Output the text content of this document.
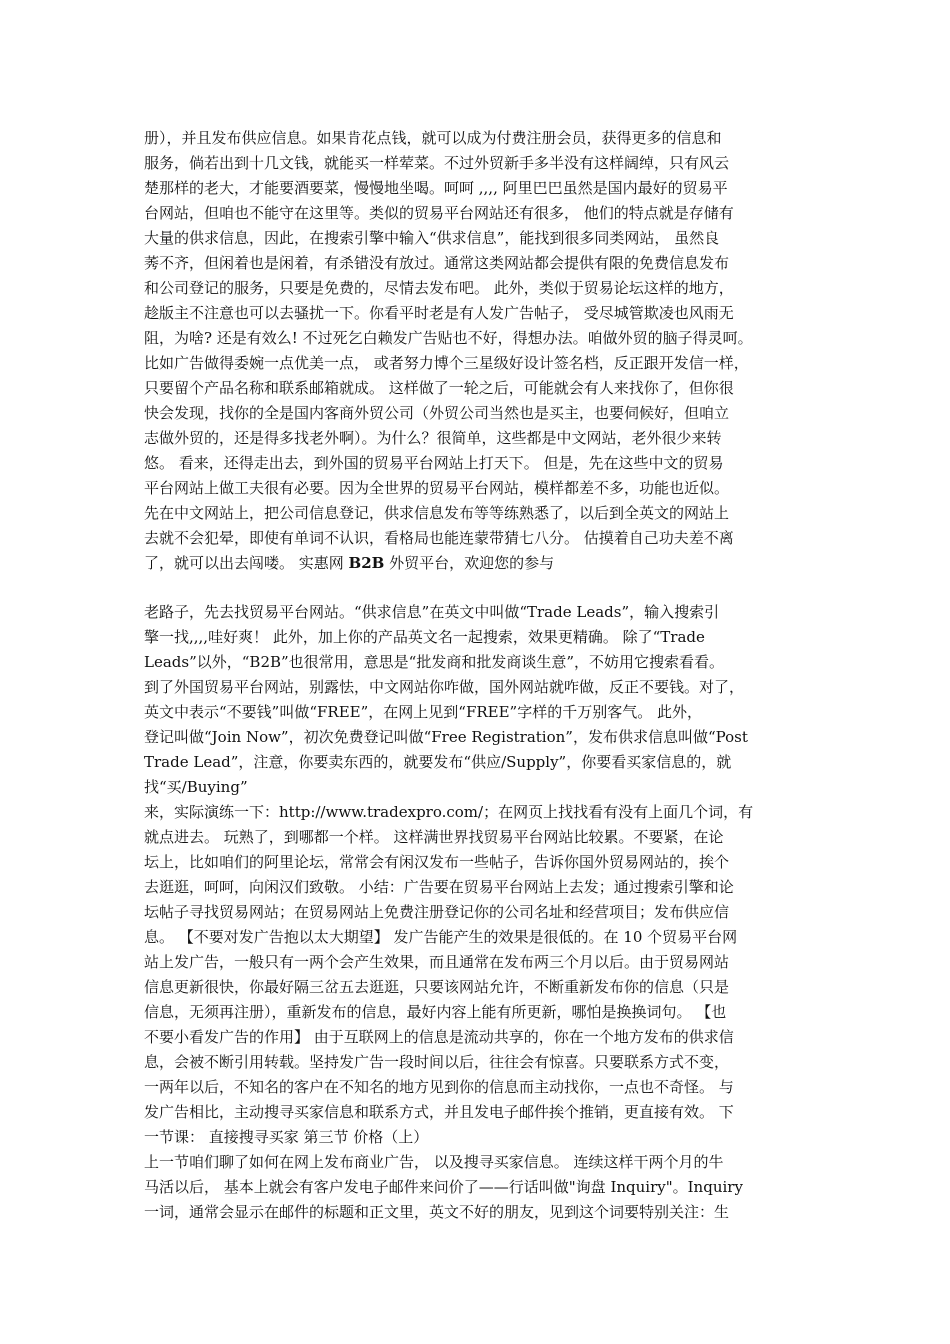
册），并且发布供应信息。如果肯花点钱，就可以成为付费注册会员，获得更多的信息和
服务，倘若出到十几文钱，就能买一样荤菜。不过外贸新手多半没有这样阔绰，只有风云
楚那样的老大，才能要酒要菜，慢慢地坐喝。呵呵 ,,,, 阿里巴巴虽然是国内最好的贸易平
台网站，但咱也不能守在这里等。类似的贸易平台网站还有很多， 他们的特点就是存储有
大量的供求信息，因此，在搜索引擎中输入“供求信息”，能找到很多同类网站， 虽然良
莠不齐，但闲着也是闲着，有杀错没有放过。通常这类网站都会提供有限的免费信息发布
和公司登记的服务，只要是免费的，尽情去发布吧。 此外，类似于贸易论坛这样的地方，
趁版主不注意也可以去骚扰一下。你看平时老是有人发广告帖子， 受尽城管欺凌也风雨无
阻，为啥? 还是有效么! 不过死乞白赖发广告贴也不好，得想办法。咱做外贸的脑子得灵呵。
比如广告做得委婉一点优美一点， 或者努力博个三星级好设计签名档，反正跟开发信一样，
只要留个产品名称和联系邮箱就成。 这样做了一轮之后，可能就会有人来找你了，但你很
快会发现，找你的全是国内客商外贸公司（外贸公司当然也是买主，也要伺候好，但咱立
志做外贸的，还是得多找老外啊）。为什么？很简单，这些都是中文网站，老外很少来转
悠。 看来，还得走出去，到外国的贸易平台网站上打天下。 但是，先在这些中文的贸易
平台网站上做工夫很有必要。因为全世界的贸易平台网站，模样都差不多，功能也近似。
先在中文网站上，把公司信息登记，供求信息发布等等练熟悉了，以后到全英文的网站上
去就不会犯晕，即使有单词不认识，看格局也能连蒙带猜七八分。 估摸着自己功夫差不离
了，就可以出去闯喽。 实惠网 B2B 外贸平台，欢迎您的参与
老路子，先去找贸易平台网站。“供求信息”在英文中叫做“Trade Leads”，输入搜索引
擎一找,,,,哇好爽！ 此外，加上你的产品英文名一起搜索，效果更精确。 除了“Trade
Leads”以外，“B2B”也很常用，意思是“批发商和批发商谈生意”，不妨用它搜索看看。
到了外国贸易平台网站，别露怯，中文网站你咋做，国外网站就咋做，反正不要钱。对了，
英文中表示“不要钱”叫做“FREE”，在网上见到“FREE”字样的千万别客气。 此外，
登记叫做“Join Now”，初次免费登记叫做“Free Registration”，发布供求信息叫做“Post
Trade Lead”，注意，你要卖东西的，就要发布“供应/Supply”，你要看买家信息的，就
找“买/Buying”
来，实际演练一下：http://www.tradexpro.com/；在网页上找找看有没有上面几个词，有
就点进去。 玩熟了，到哪都一个样。 这样满世界找贸易平台网站比较累。不要紧，在论
坛上，比如咱们的阿里论坛，常常会有闲汉发布一些帖子，告诉你国外贸易网站的，挨个
去逛逛，呵呵，向闲汉们致敬。 小结：广告要在贸易平台网站上去发；通过搜索引擎和论
坛帖子寻找贸易网站；在贸易网站上免费注册登记你的公司名址和经营项目；发布供应信
息。 【不要对发广告抱以太大期望】 发广告能产生的效果是很低的。在 10 个贸易平台网
站上发广告，一般只有一两个会产生效果，而且通常在发布两三个月以后。由于贸易网站
信息更新很快，你最好隔三岔五去逛逛，只要该网站允许，不断重新发布你的信息（只是
信息，无须再注册），重新发布的信息，最好内容上能有所更新，哪怕是换换词句。 【也
不要小看发广告的作用】 由于互联网上的信息是流动共享的，你在一个地方发布的供求信
息，会被不断引用转载。坚持发广告一段时间以后，往往会有惊喜。只要联系方式不变，
一两年以后，不知名的客户在不知名的地方见到你的信息而主动找你，一点也不奇怪。 与
发广告相比，主动搜寻买家信息和联系方式，并且发电子邮件挨个推销，更直接有效。 下
一节课： 直接搜寻买家 第三节 价格（上）
上一节咱们聊了如何在网上发布商业广告， 以及搜寻买家信息。 连续这样干两个月的牛
马活以后， 基本上就会有客户发电子邮件来问价了——行话叫做"询盘 Inquiry"。Inquiry
一词，通常会显示在邮件的标题和正文里，英文不好的朋友，见到这个词要特别关注：生
